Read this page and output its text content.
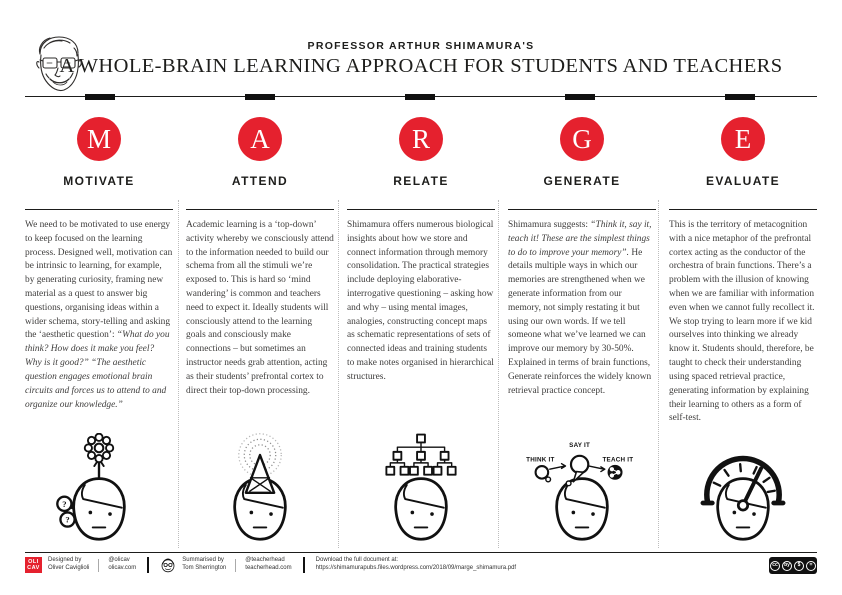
PROFESSOR ARTHUR SHIMAMURA'S
A WHOLE-BRAIN LEARNING APPROACH FOR STUDENTS AND TEACHERS
M
MOTIVATE

We need to be motivated to use energy to keep focused on the learning process. Designed well, motivation can be intrinsic to learning, for example, by generating curiosity, framing new material as a quest to answer big questions, organising ideas within a wider schema, story-telling and asking the ‘aesthetic question’: “What do you think? How does it make you feel? Why is it good?” “The aesthetic question engages emotional brain circuits and forces us to attend to and organize our knowledge.”

?
?
A
ATTEND

Academic learning is a ‘top-down’ activity whereby we consciously attend to the information needed to build our schema from all the stimuli we’re exposed to. This is hard so ‘mind wandering’ is common and teachers need to expect it. Ideally students will consciously attend to the learning goals and consciously make connections – but sometimes an instructor needs grab attention, acting as their students’ prefrontal cortex to direct their top-down processing.

R
RELATE

Shimamura offers numerous biological insights about how we store and connect information through memory consolidation. The practical strategies include deploying elaborative-interrogative questioning – asking how and why – using mental images, analogies, constructing concept maps as schematic representations of sets of connected ideas and training students to make notes organised in hierarchical structures.

G
GENERATE

Shimamura suggests: “Think it, say it, teach it! These are the simplest things to do to improve your memory”. He details multiple ways in which our memories are strengthened when we generate information from our memory, not simply restating it but using our own words. If we tell someone what we’ve learned we can improve our memory by 30-50%. Explained in terms of brain functions, Generate reinforces the widely known retrieval practice concept.

THINK IT
SAY IT
TEACH IT
E
EVALUATE

This is the territory of metacognition with a nice metaphor of the prefrontal cortex acting as the conductor of the orchestra of brain functions. There’s a problem with the illusion of knowing when we are familiar with information even when we cannot fully recollect it. We stop trying to learn more if we kid ourselves into thinking we already know it. Students should, therefore, be taught to check their understanding using spaced retrieval practice, generating information by explaining their learning to others as a form of self-test.

OLI
CAV
Designed by
Oliver Caviglioli
@olicav
olicav.com
Summarised by
Tom Sherrington
@teacherhead
teacherhead.com
Download the full document at:
https://shimamurapubs.files.wordpress.com/2018/09/marge_shimamura.pdf	cc	by	$	=
